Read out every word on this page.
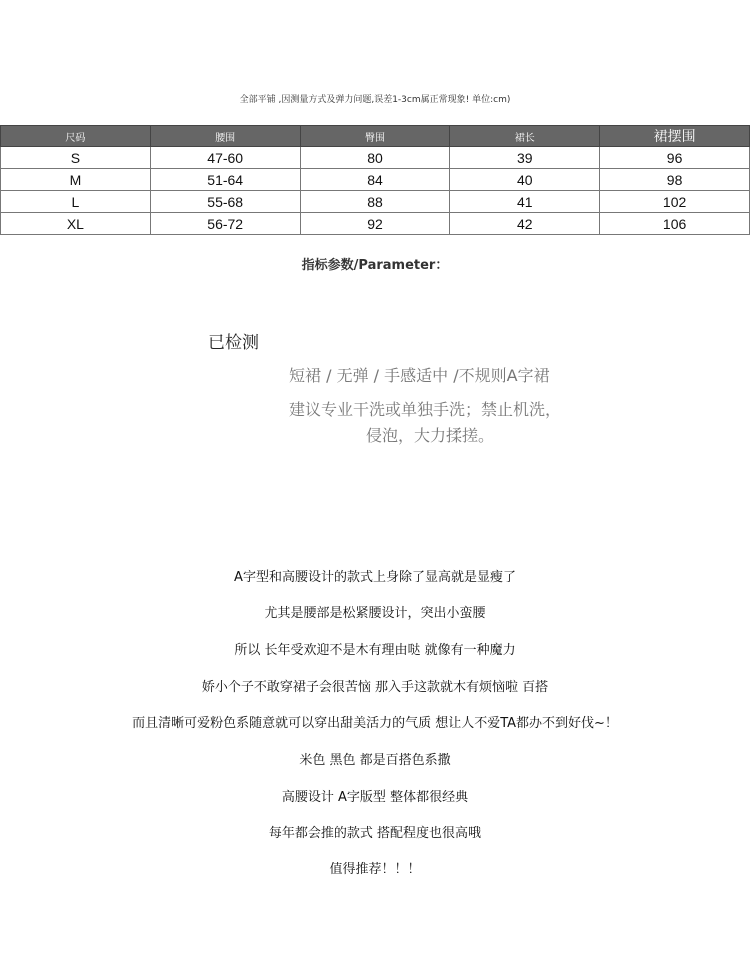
全部平铺 ,因测量方式及弹力问题,误差1-3cm属正常现象! 单位:cm)
尺码	腰围	臀围	裙长	裙摆围
S	47-60	80	39	96
M	51-64	84	40	98
L	55-68	88	41	102
XL	56-72	92	42	106
指标参数/Parameter：
已检测
短裙 / 无弹 / 手感适中 /不规则A字裙
建议专业干洗或单独手洗；禁止机洗，
侵泡，大力揉搓。
A字型和高腰设计的款式上身除了显高就是显瘦了
尤其是腰部是松紧腰设计，突出小蛮腰
所以 长年受欢迎不是木有理由哒 就像有一种魔力
娇小个子不敢穿裙子会很苦恼 那入手这款就木有烦恼啦 百搭
而且清晰可爱粉色系随意就可以穿出甜美活力的气质 想让人不爱TA都办不到好伐~！
米色 黑色 都是百搭色系撒
高腰设计 A字版型 整体都很经典
每年都会推的款式 搭配程度也很高哦
值得推荐！！！
